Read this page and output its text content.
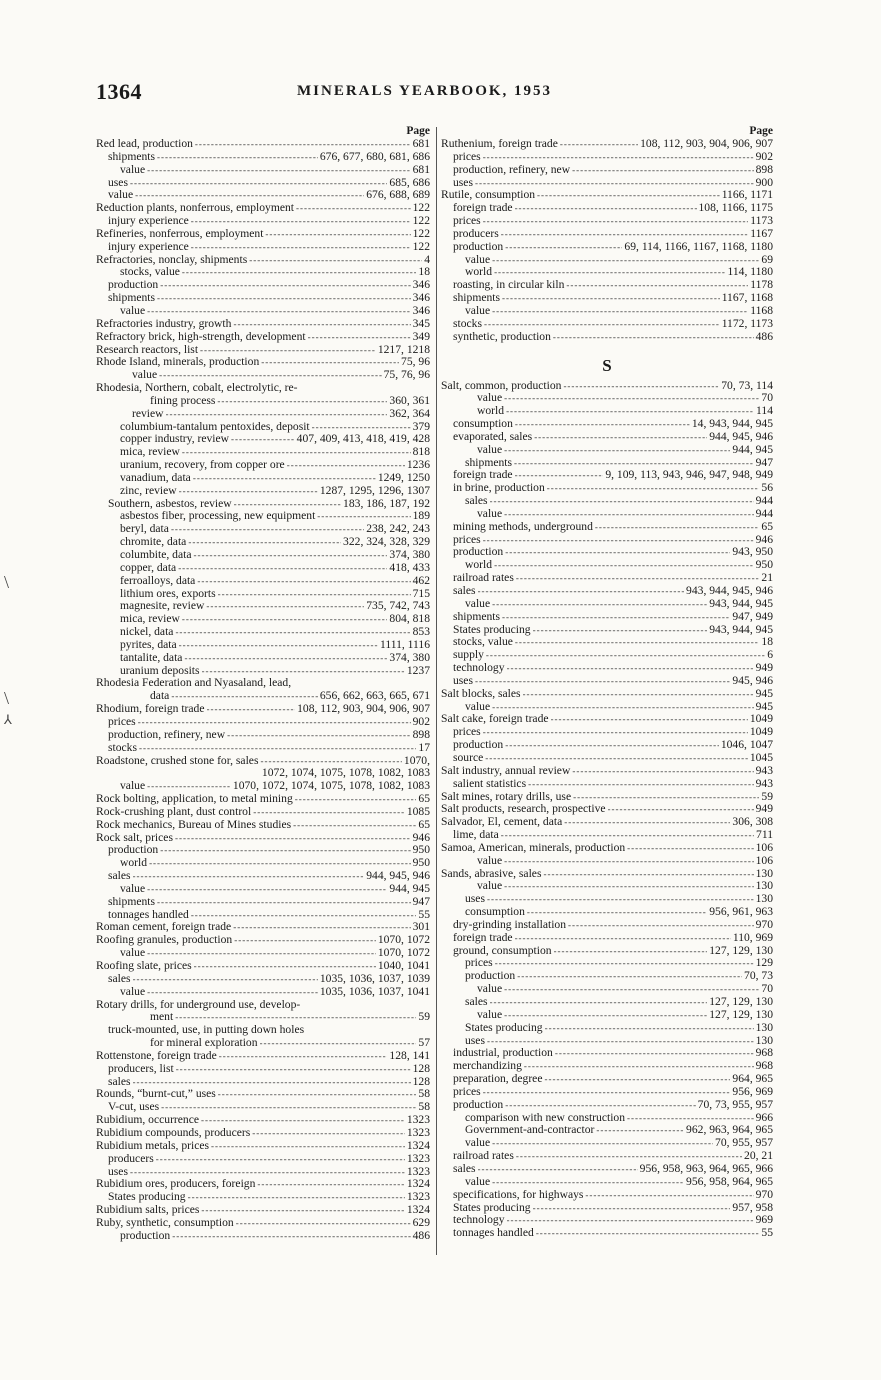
1364	MINERALS YEARBOOK, 1953
\
\
⅄
Page
Red lead, production -----	681
shipments -----	676, 677, 680, 681, 686
value -----	681
uses -----	685, 686
value -----	676, 688, 689
Reduction plants, nonferrous, employment -----	122
injury experience -----	122
Refineries, nonferrous, employment -----	122
injury experience -----	122
Refractories, nonclay, shipments -----	4
stocks, value -----	18
production -----	346
shipments -----	346
value -----	346
Refractories industry, growth -----	345
Refractory brick, high-strength, development -----	349
Research reactors, list -----	1217, 1218
Rhode Island, minerals, production -----	75, 96
value -----	75, 76, 96
Rhodesia, Northern, cobalt, electrolytic, re-
fining process -----	360, 361
review -----	362, 364
columbium-tantalum pentoxides, deposit -----	379
copper industry, review -----	407, 409, 413, 418, 419, 428
mica, review -----	818
uranium, recovery, from copper ore -----	1236
vanadium, data -----	1249, 1250
zinc, review -----	1287, 1295, 1296, 1307
Southern, asbestos, review -----	183, 186, 187, 192
asbestos fiber, processing, new equipment -----	189
beryl, data -----	238, 242, 243
chromite, data -----	322, 324, 328, 329
columbite, data -----	374, 380
copper, data -----	418, 433
ferroalloys, data -----	462
lithium ores, exports -----	715
magnesite, review -----	735, 742, 743
mica, review -----	804, 818
nickel, data -----	853
pyrites, data -----	1111, 1116
tantalite, data -----	374, 380
uranium deposits -----	1237
Rhodesia Federation and Nyasaland, lead,
data -----	656, 662, 663, 665, 671
Rhodium, foreign trade -----	108, 112, 903, 904, 906, 907
prices -----	902
production, refinery, new -----	898
stocks -----	17
Roadstone, crushed stone for, sales -----	1070,
1072, 1074, 1075, 1078, 1082, 1083
value -----	1070, 1072, 1074, 1075, 1078, 1082, 1083
Rock bolting, application, to metal mining -----	65
Rock-crushing plant, dust control -----	1085
Rock mechanics, Bureau of Mines studies -----	65
Rock salt, prices -----	946
production -----	950
world -----	950
sales -----	944, 945, 946
value -----	944, 945
shipments -----	947
tonnages handled -----	55
Roman cement, foreign trade -----	301
Roofing granules, production -----	1070, 1072
value -----	1070, 1072
Roofing slate, prices -----	1040, 1041
sales -----	1035, 1036, 1037, 1039
value -----	1035, 1036, 1037, 1041
Rotary drills, for underground use, develop-
ment -----	59
truck-mounted, use, in putting down holes
for mineral exploration -----	57
Rottenstone, foreign trade -----	128, 141
producers, list -----	128
sales -----	128
Rounds, “burnt-cut,” uses -----	58
V-cut, uses -----	58
Rubidium, occurrence -----	1323
Rubidium compounds, producers -----	1323
Rubidium metals, prices -----	1324
producers -----	1323
uses -----	1323
Rubidium ores, producers, foreign -----	1324
States producing -----	1323
Rubidium salts, prices -----	1324
Ruby, synthetic, consumption -----	629
production -----	486
Page
Ruthenium, foreign trade -----	108, 112, 903, 904, 906, 907
prices -----	902
production, refinery, new -----	898
uses -----	900
Rutile, consumption -----	1166, 1171
foreign trade -----	108, 1166, 1175
prices -----	1173
producers -----	1167
production -----	69, 114, 1166, 1167, 1168, 1180
value -----	69
world -----	114, 1180
roasting, in circular kiln -----	1178
shipments -----	1167, 1168
value -----	1168
stocks -----	1172, 1173
synthetic, production -----	486
S
Salt, common, production -----	70, 73, 114
value -----	70
world -----	114
consumption -----	14, 943, 944, 945
evaporated, sales -----	944, 945, 946
value -----	944, 945
shipments -----	947
foreign trade -----	9, 109, 113, 943, 946, 947, 948, 949
in brine, production -----	56
sales -----	944
value -----	944
mining methods, underground -----	65
prices -----	946
production -----	943, 950
world -----	950
railroad rates -----	21
sales -----	943, 944, 945, 946
value -----	943, 944, 945
shipments -----	947, 949
States producing -----	943, 944, 945
stocks, value -----	18
supply -----	6
technology -----	949
uses -----	945, 946
Salt blocks, sales -----	945
value -----	945
Salt cake, foreign trade -----	1049
prices -----	1049
production -----	1046, 1047
source -----	1045
Salt industry, annual review -----	943
salient statistics -----	943
Salt mines, rotary drills, use -----	59
Salt products, research, prospective -----	949
Salvador, El, cement, data -----	306, 308
lime, data -----	711
Samoa, American, minerals, production -----	106
value -----	106
Sands, abrasive, sales -----	130
value -----	130
uses -----	130
consumption -----	956, 961, 963
dry-grinding installation -----	970
foreign trade -----	110, 969
ground, consumption -----	127, 129, 130
prices -----	129
production -----	70, 73
value -----	70
sales -----	127, 129, 130
value -----	127, 129, 130
States producing -----	130
uses -----	130
industrial, production -----	968
merchandizing -----	968
preparation, degree -----	964, 965
prices -----	956, 969
production -----	70, 73, 955, 957
comparison with new construction -----	966
Government-and-contractor -----	962, 963, 964, 965
value -----	70, 955, 957
railroad rates -----	20, 21
sales -----	956, 958, 963, 964, 965, 966
value -----	956, 958, 964, 965
specifications, for highways -----	970
States producing -----	957, 958
technology -----	969
tonnages handled -----	55
